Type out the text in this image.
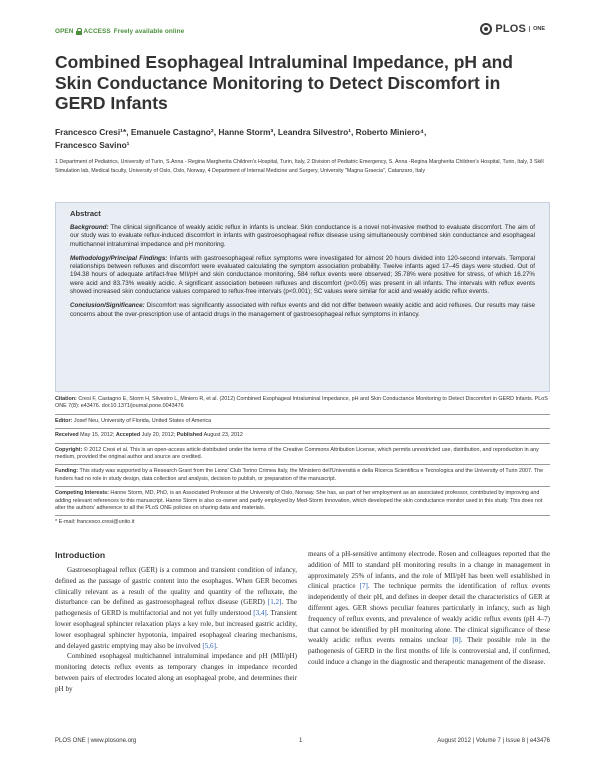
OPEN ACCESS Freely available online	PLOS	ONE
Combined Esophageal Intraluminal Impedance, pH and Skin Conductance Monitoring to Detect Discomfort in GERD Infants
Francesco Cresi¹*, Emanuele Castagno², Hanne Storm³, Leandra Silvestro¹, Roberto Miniero⁴,
Francesco Savino¹
1 Department of Pediatrics, University of Turin, S.Anna - Regina Margherita Children's Hospital, Turin, Italy, 2 Division of Pediatric Emergency, S. Anna -Regina Margherita Children's Hospital, Turin, Italy, 3 Skill Simulation lab, Medical faculty, University of Oslo, Oslo, Norway, 4 Department of Internal Medicine and Surgery, University "Magna Graecia", Catanzaro, Italy
Abstract

Background: The clinical significance of weakly acidic reflux in infants is unclear. Skin conductance is a novel not-invasive method to evaluate discomfort. The aim of our study was to evaluate reflux-induced discomfort in infants with gastroesophageal reflux disease using simultaneously combined skin conductance and esophageal multichannel intraluminal impedance and pH monitoring.

Methodology/Principal Findings: Infants with gastroesophageal reflux symptoms were investigated for almost 20 hours divided into 120-second intervals. Temporal relationships between refluxes and discomfort were evaluated calculating the symptom association probability. Twelve infants aged 17–45 days were studied. Out of 194.38 hours of adequate artifact-free MII/pH and skin conductance monitoring, 584 reflux events were observed; 35.78% were positive for stress, of which 16.27% were acid and 83.73% weakly acidic. A significant association between refluxes and discomfort (p<0.05) was present in all infants. The intervals with reflux events showed increased skin conductance values compared to reflux-free intervals (p<0.001); SC values were similar for acid and weakly acidic reflux events.

Conclusion/Significance: Discomfort was significantly associated with reflux events and did not differ between weakly acidic and acid refluxes. Our results may raise concerns about the over-prescription use of antacid drugs in the management of gastroesophageal reflux symptoms in infancy.

Citation: Cresi F, Castagno E, Storm H, Silvestro L, Miniero R, et al. (2012) Combined Esophageal Intraluminal Impedance, pH and Skin Conductance Monitoring to Detect Discomfort in GERD Infants. PLoS ONE 7(8): e43476. doi:10.1371/journal.pone.0043476

Editor: Josef Neu, University of Florida, United States of America

Received May 15, 2012; Accepted July 20, 2012; Published August 23, 2012

Copyright: © 2012 Cresi et al. This is an open-access article distributed under the terms of the Creative Commons Attribution License, which permits unrestricted use, distribution, and reproduction in any medium, provided the original author and source are credited.

Funding: This study was supported by a Research Grant from the Lions' Club Torino Crimea Italy, the Ministero dell'Università e della Ricerca Scientifica e Tecnologica and the University of Turin 2007. The funders had no role in study design, data collection and analysis, decision to publish, or preparation of the manuscript.

Competing Interests: Hanne Storm, MD, PhD, is an Associated Professor at the University of Oslo, Norway. She has, as part of her employment as an associated professor, contributed by improving and adding relevant references to this manuscript. Hanne Storm is also co-owner and partly employed by Med-Storm Innovation, which developed the skin conductance monitor used in this study. This does not alter the authors' adherence to all the PLoS ONE policies on sharing data and materials.

* E-mail: francesco.cresi@unito.it

Introduction

Gastroesophageal reflux (GER) is a common and transient condition of infancy, defined as the passage of gastric content into the esophagus. When GER becomes clinically relevant as a result of the quality and quantity of the refluxate, the disturbance can be defined as gastroesophageal reflux disease (GERD) [1,2]. The pathogenesis of GERD is multifactorial and not yet fully understood [3,4]. Transient lower esophageal sphincter relaxation plays a key role, but increased gastric acidity, lower esophageal sphincter hypotonia, impaired esophageal clearing mechanisms, and delayed gastric emptying may also be involved [5,6].

Combined esophageal multichannel intraluminal impedance and pH (MII/pH) monitoring detects reflux events as temporary changes in impedance recorded between pairs of electrodes located along an esophageal probe, and determines their pH by

means of a pH-sensitive antimony electrode. Rosen and colleagues reported that the addition of MII to standard pH monitoring results in a change in management in approximately 25% of infants, and the role of MII/pH has been well established in clinical practice [7]. The technique permits the identification of reflux events independently of their pH, and defines in deeper detail the characteristics of GER at different ages. GER shows peculiar features particularly in infancy, such as high frequency of reflux events, and prevalence of weakly acidic reflux events (pH 4–7) that cannot be identified by pH monitoring alone. The clinical significance of these weakly acidic reflux events remains unclear [8]. Their possible role in the pathogenesis of GERD in the first months of life is controversial and, if confirmed, could induce a change in the diagnostic and therapeutic management of the disease.

PLOS ONE | www.plosone.org	1	August 2012 | Volume 7 | Issue 8 | e43476
